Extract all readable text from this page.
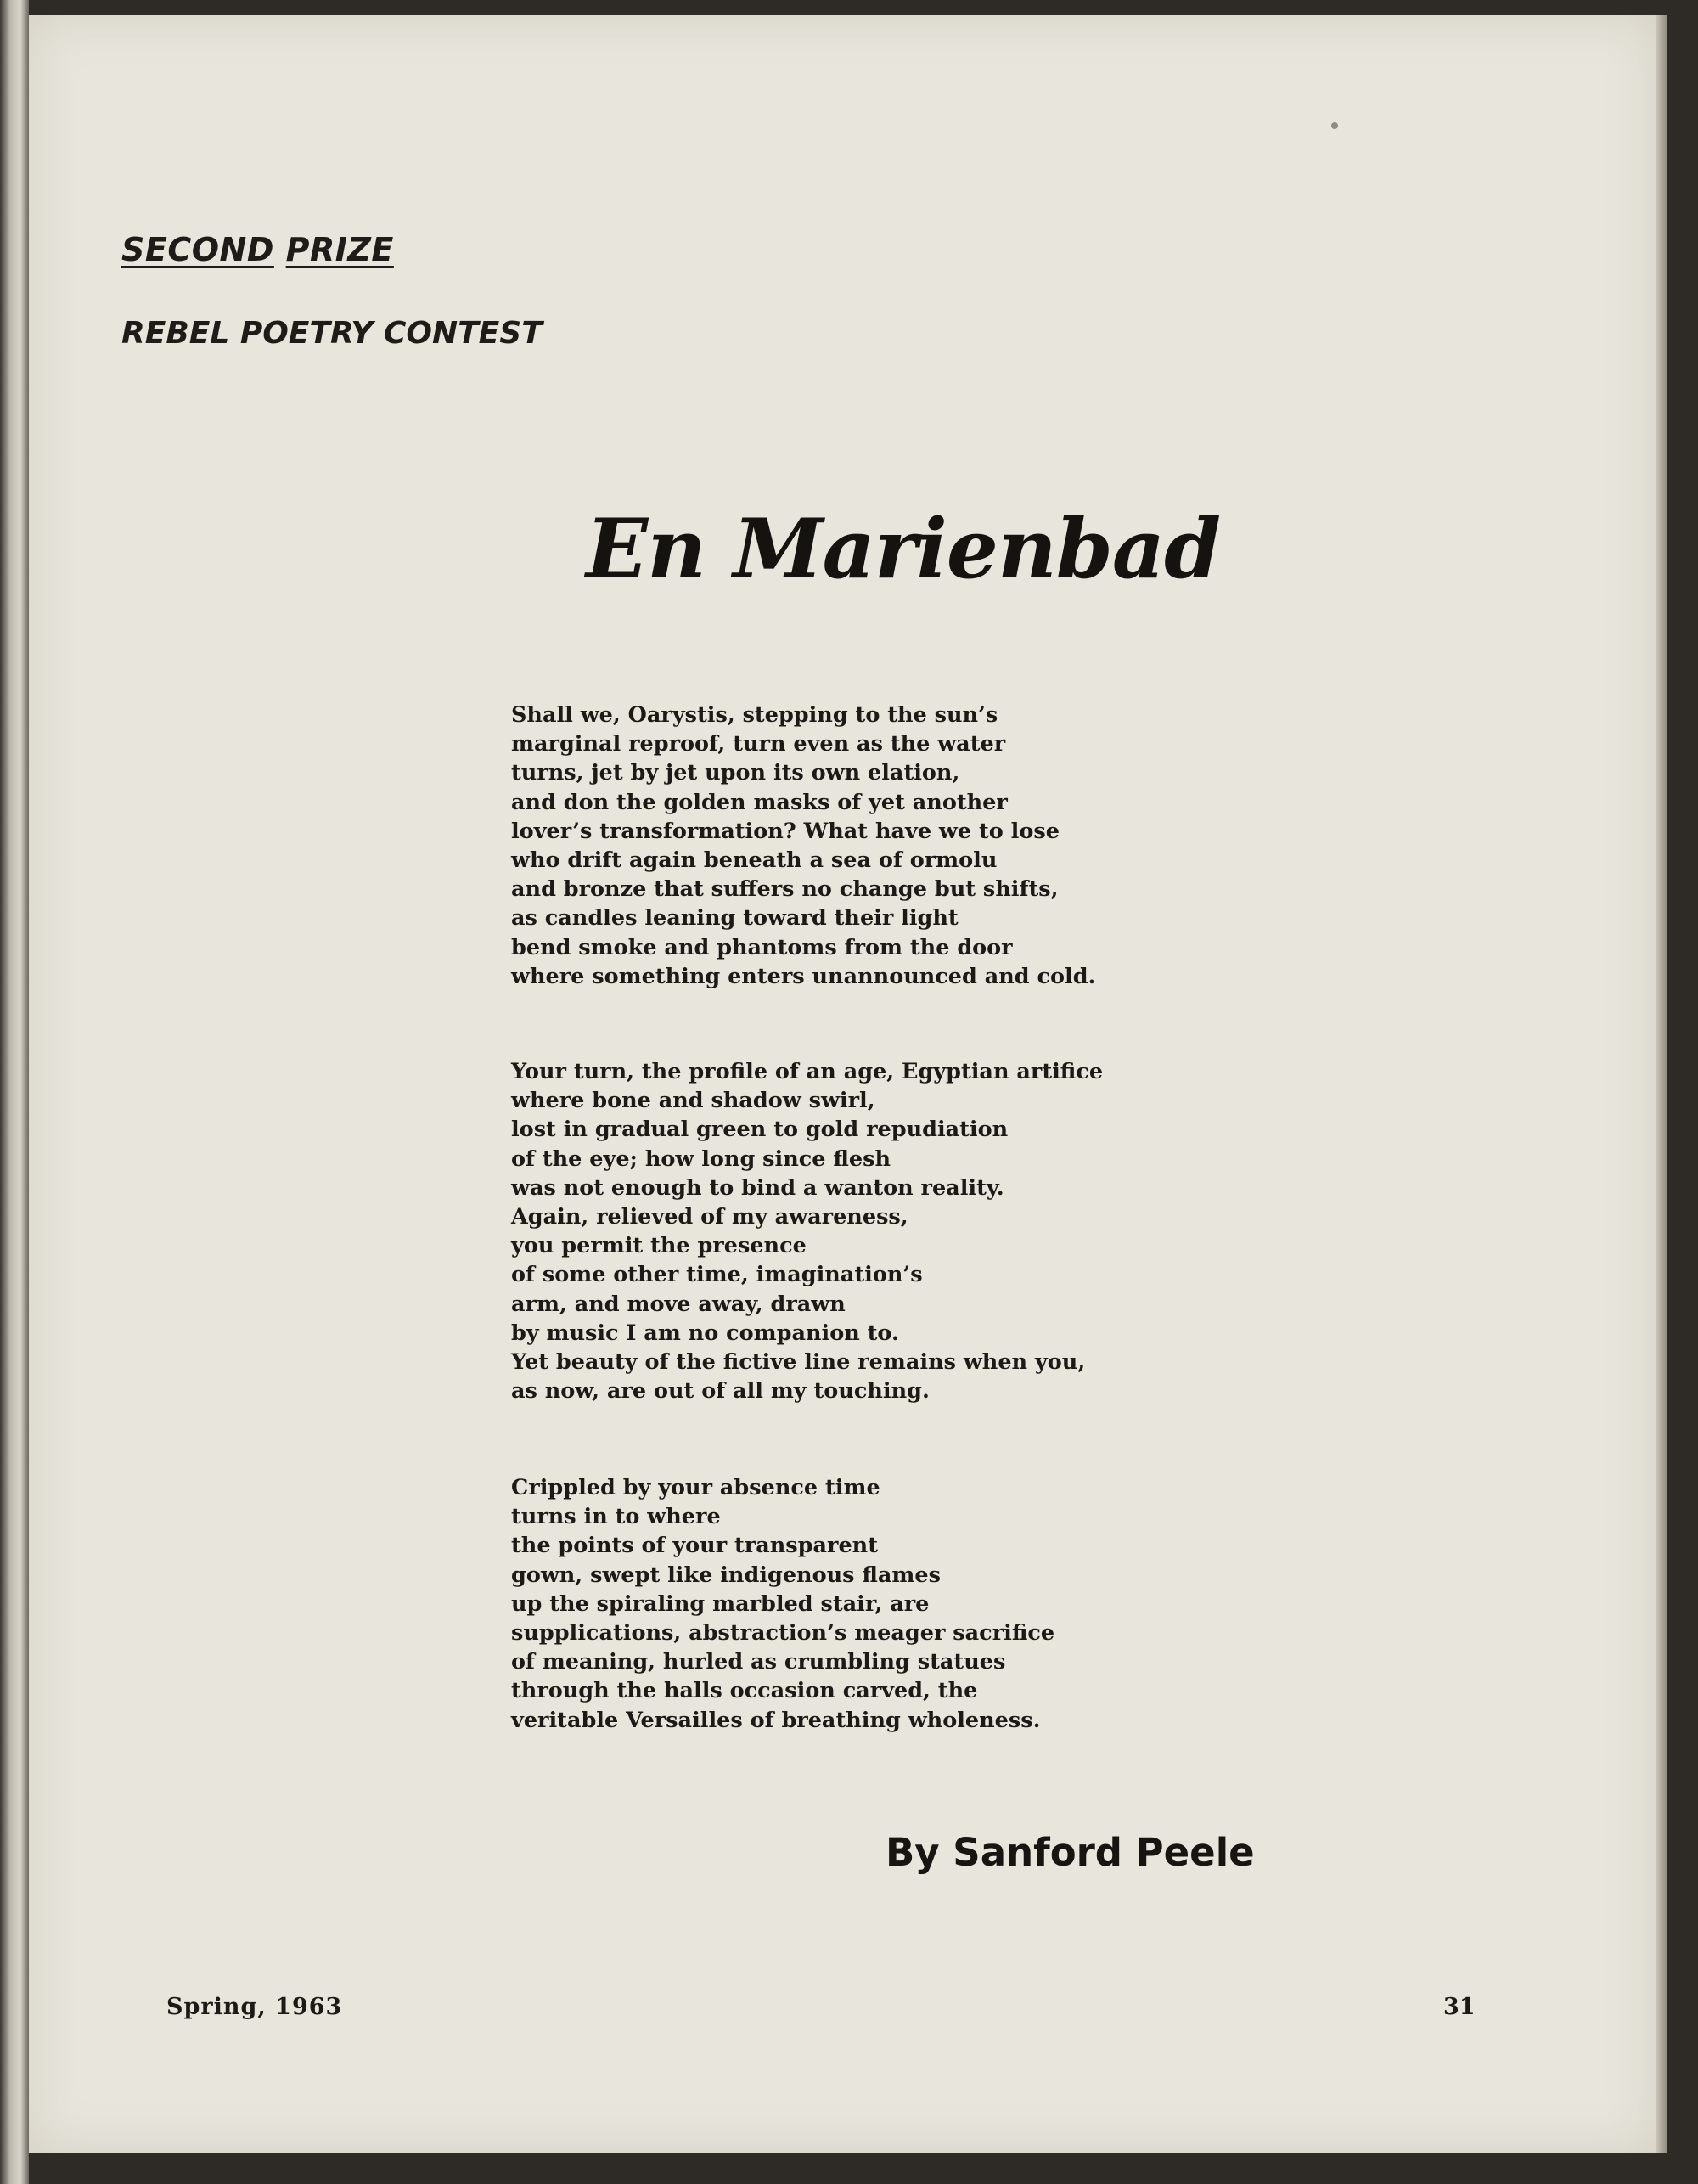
SECOND PRIZE
REBEL POETRY CONTEST
En Marienbad
Shall we, Oarystis, stepping to the sun’s
marginal reproof, turn even as the water
turns, jet by jet upon its own elation,
and don the golden masks of yet another
lover’s transformation? What have we to lose
who drift again beneath a sea of ormolu
and bronze that suffers no change but shifts,
as candles leaning toward their light
bend smoke and phantoms from the door
where something enters unannounced and cold.
Your turn, the profile of an age, Egyptian artifice
where bone and shadow swirl,
lost in gradual green to gold repudiation
of the eye; how long since flesh
was not enough to bind a wanton reality.
Again, relieved of my awareness,
you permit the presence
of some other time, imagination’s
arm, and move away, drawn
by music I am no companion to.
Yet beauty of the fictive line remains when you,
as now, are out of all my touching.
Crippled by your absence time
turns in to where
the points of your transparent
gown, swept like indigenous flames
up the spiraling marbled stair, are
supplications, abstraction’s meager sacrifice
of meaning, hurled as crumbling statues
through the halls occasion carved, the
veritable Versailles of breathing wholeness.
By Sanford Peele
Spring, 1963	31
